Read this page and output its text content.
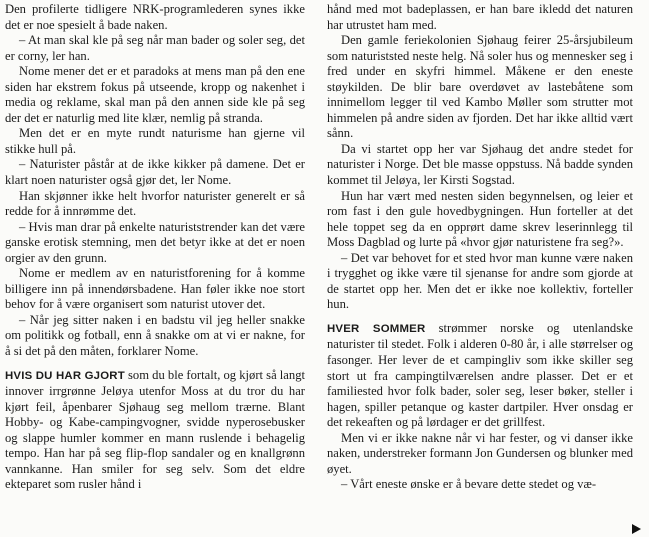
Den profilerte tidligere NRK-programlederen synes ikke det er noe spesielt å bade naken.

– At man skal kle på seg når man bader og soler seg, det er corny, ler han.

Nome mener det er et paradoks at mens man på den ene siden har ekstrem fokus på utseende, kropp og nakenhet i media og reklame, skal man på den annen side kle på seg der det er naturlig med lite klær, nemlig på stranda.

Men det er en myte rundt naturisme han gjerne vil stikke hull på.

– Naturister påstår at de ikke kikker på damene. Det er klart noen naturister også gjør det, ler Nome.

Han skjønner ikke helt hvorfor naturister generelt er så redde for å innrømme det.

– Hvis man drar på enkelte naturiststrender kan det være ganske erotisk stemning, men det betyr ikke at det er noen orgier av den grunn.

Nome er medlem av en naturistforening for å komme billigere inn på innendørsbadene. Han føler ikke noe stort behov for å være organisert som naturist utover det.

– Når jeg sitter naken i en badstu vil jeg heller snakke om politikk og fotball, enn å snakke om at vi er nakne, for å si det på den måten, forklarer Nome.

HVIS DU HAR GJORT som du ble fortalt, og kjørt så langt innover irrgrønne Jeløya utenfor Moss at du tror du har kjørt feil, åpenbarer Sjøhaug seg mellom trærne. Blant Hobby- og Kabe-campingvogner, svidde nyperosebusker og slappe humler kommer en mann ruslende i behagelig tempo. Han har på seg flip-flop sandaler og en knallgrønn vannkanne. Han smiler for seg selv. Som det eldre ekteparet som rusler hånd i

hånd med mot badeplassen, er han bare ikledd det naturen har utrustet ham med.

Den gamle feriekolonien Sjøhaug feirer 25-årsjubileum som naturiststed neste helg. Nå soler hus og mennesker seg i fred under en skyfri himmel. Måkene er den eneste støykilden. De blir bare overdøvet av lastebåtene som innimellom legger til ved Kambo Møller som strutter mot himmelen på andre siden av fjorden. Det har ikke alltid vært sånn.

Da vi startet opp her var Sjøhaug det andre stedet for naturister i Norge. Det ble masse oppstuss. Nå badde synden kommet til Jeløya, ler Kirsti Sogstad.

Hun har vært med nesten siden begynnelsen, og leier et rom fast i den gule hovedbygningen. Hun forteller at det hele toppet seg da en opprørt dame skrev leserinnlegg til Moss Dagblad og lurte på «hvor gjør naturistene fra seg?».

– Det var behovet for et sted hvor man kunne være naken i trygghet og ikke være til sjenanse for andre som gjorde at de startet opp her. Men det er ikke noe kollektiv, forteller hun.

HVER SOMMER strømmer norske og utenlandske naturister til stedet. Folk i alderen 0-80 år, i alle størrelser og fasonger. Her lever de et campingliv som ikke skiller seg stort ut fra campingtilværelsen andre plasser. Det er et familiested hvor folk bader, soler seg, leser bøker, steller i hagen, spiller petanque og kaster dartpiler. Hver onsdag er det rekeaften og på lørdager er det grillfest.

Men vi er ikke nakne når vi har fester, og vi danser ikke naken, understreker formann Jon Gundersen og blunker med øyet.

– Vårt eneste ønske er å bevare dette stedet og væ-
